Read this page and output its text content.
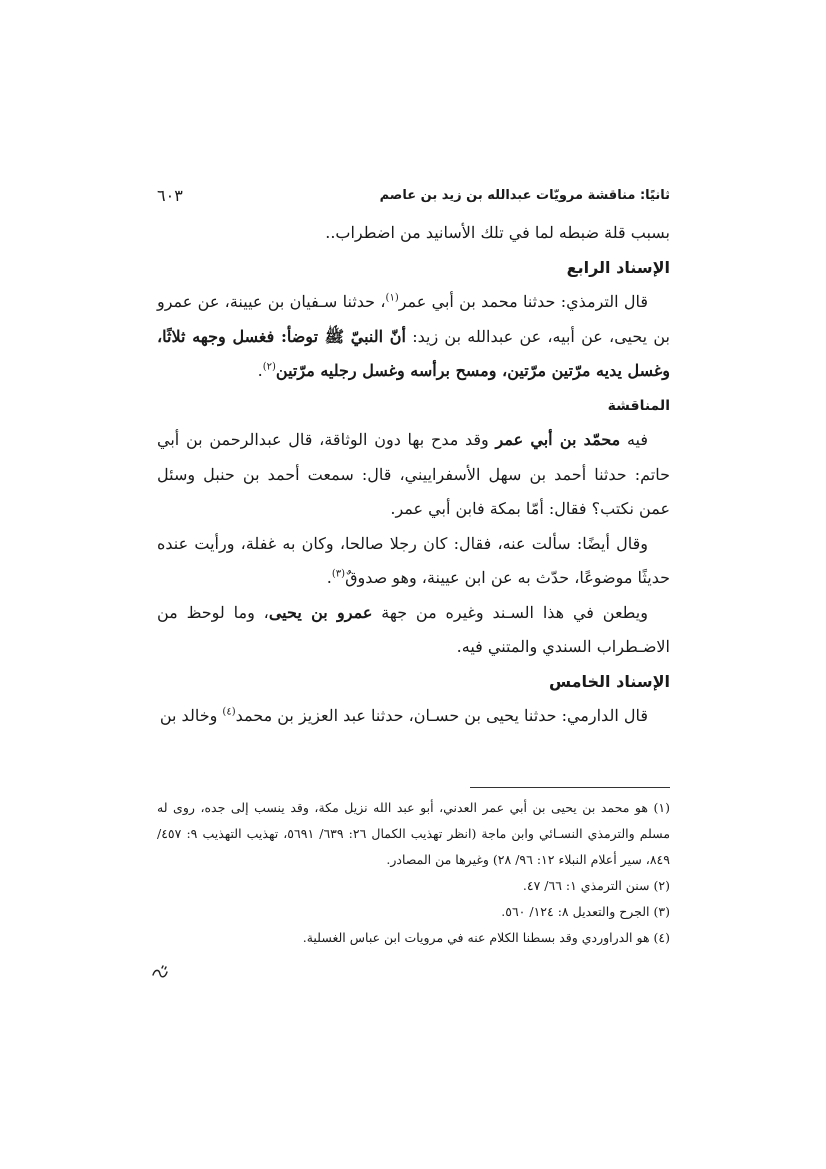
ثانيًا: مناقشة مرويّات عبدالله بن زيد بن عاصم
٦٠٣

بسبب قلة ضبطه لما في تلك الأسانيد من اضطراب..

الإسناد الرابع

قال الترمذي: حدثنا محمد بن أبي عمر$^{(١)}$، حدثنا سـفيان بن عيينة، عن عمرو بن يحيى، عن أبيه، عن عبدالله بن زيد: أنّ النبيّ ﷺ توضأ: فغسل وجهه ثلاثًا، وغسل يديه مرّتين مرّتين، ومسح برأسه وغسل رجليه مرّتين$^{(٢)}$.

المناقشة

فيه محمّد بن أبي عمر وقد مدح بها دون الوثاقة، قال عبدالرحمن بن أبي حاتم: حدثنا أحمد بن سهل الأسفراييني، قال: سمعت أحمد بن حنبل وسئل عمن نكتب؟ فقال: أمّا بمكة فابن أبي عمر.

وقال أيضًا: سألت عنه، فقال: كان رجلا صالحا، وكان به غفلة، ورأيت عنده حديثًا موضوعًا، حدّث به عن ابن عيينة، وهو صدوقٌ$^{(٣)}$.

ويطعن في هذا السـند وغيره من جهة عمرو بن يحيى، وما لوحظ من الاضـطراب السندي والمتني فيه.

الإسناد الخامس

قال الدارمي: حدثنا يحيى بن حسـان، حدثنا عبد العزيز بن محمد$^{(٤)}$ وخالد بن

(١) هو محمد بن يحيى بن أبي عمر العدني، أبو عبد الله نزيل مكة، وقد ينسب إلى جده، روى له مسلم والترمذي النسـائي وابن ماجة (انظر تهذيب الكمال ٢٦: ٦٣٩/ ٥٦٩١، تهذيب التهذيب ٩: ٤٥٧/ ٨٤٩، سير أعلام النبلاء ١٢: ٩٦/ ٢٨) وغيرها من المصادر.

(٢) سنن الترمذي ١: ٦٦/ ٤٧.

(٣) الجرح والتعديل ٨: ١٢٤/ ٥٦٠.

(٤) هو الدراوردي وقد بسطنا الكلام عنه في مرويات ابن عباس الغسلية.
